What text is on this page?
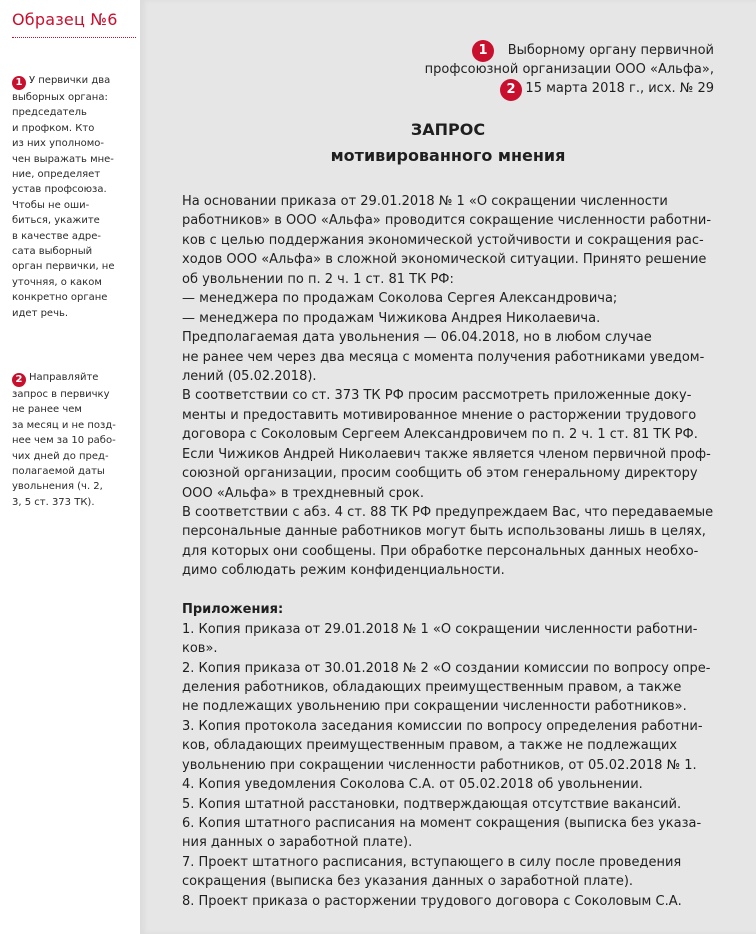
Образец №6
1 У первички два
выборных органа:
председатель
и профком. Кто
из них уполномо-
чен выражать мне-
ние, определяет
устав профсоюза.
Чтобы не оши-
биться, укажите
в качестве адре-
сата выборный
орган первички, не
уточняя, о каком
конкретно органе
идет речь.
2 Направляйте
запрос в первичку
не ранее чем
за месяц и не позд-
нее чем за 10 рабо-
чих дней до пред-
полагаемой даты
увольнения (ч. 2,
3, 5 ст. 373 ТК).
1	Выборному органу первичной
профсоюзной организации ООО «Альфа»,
2 15 марта 2018 г., исх. № 29
ЗАПРОС
мотивированного мнения
На основании приказа от 29.01.2018 № 1 «О сокращении численности
работников» в ООО «Альфа» проводится сокращение численности работни-
ков с целью поддержания экономической устойчивости и сокращения рас-
ходов ООО «Альфа» в сложной экономической ситуации. Принято решение
об увольнении по п. 2 ч. 1 ст. 81 ТК РФ:
— менеджера по продажам Соколова Сергея Александровича;
— менеджера по продажам Чижикова Андрея Николаевича.
Предполагаемая дата увольнения — 06.04.2018, но в любом случае
не ранее чем через два месяца с момента получения работниками уведом-
лений (05.02.2018).
В соответствии со ст. 373 ТК РФ просим рассмотреть приложенные доку-
менты и предоставить мотивированное мнение о расторжении трудового
договора с Соколовым Сергеем Александровичем по п. 2 ч. 1 ст. 81 ТК РФ.
Если Чижиков Андрей Николаевич также является членом первичной проф-
союзной организации, просим сообщить об этом генеральному директору
ООО «Альфа» в трехдневный срок.
В соответствии с абз. 4 ст. 88 ТК РФ предупреждаем Вас, что передаваемые
персональные данные работников могут быть использованы лишь в целях,
для которых они сообщены. При обработке персональных данных необхо-
димо соблюдать режим конфиденциальности.
Приложения:
1. Копия приказа от 29.01.2018 № 1 «О сокращении численности работни-
ков».
2. Копия приказа от 30.01.2018 № 2 «О создании комиссии по вопросу опре-
деления работников, обладающих преимущественным правом, а также
не подлежащих увольнению при сокращении численности работников».
3. Копия протокола заседания комиссии по вопросу определения работни-
ков, обладающих преимущественным правом, а также не подлежащих
увольнению при сокращении численности работников, от 05.02.2018 № 1.
4. Копия уведомления Соколова С.А. от 05.02.2018 об увольнении.
5. Копия штатной расстановки, подтверждающая отсутствие вакансий.
6. Копия штатного расписания на момент сокращения (выписка без указа-
ния данных о заработной плате).
7. Проект штатного расписания, вступающего в силу после проведения
сокращения (выписка без указания данных о заработной плате).
8. Проект приказа о расторжении трудового договора с Соколовым С.А.
